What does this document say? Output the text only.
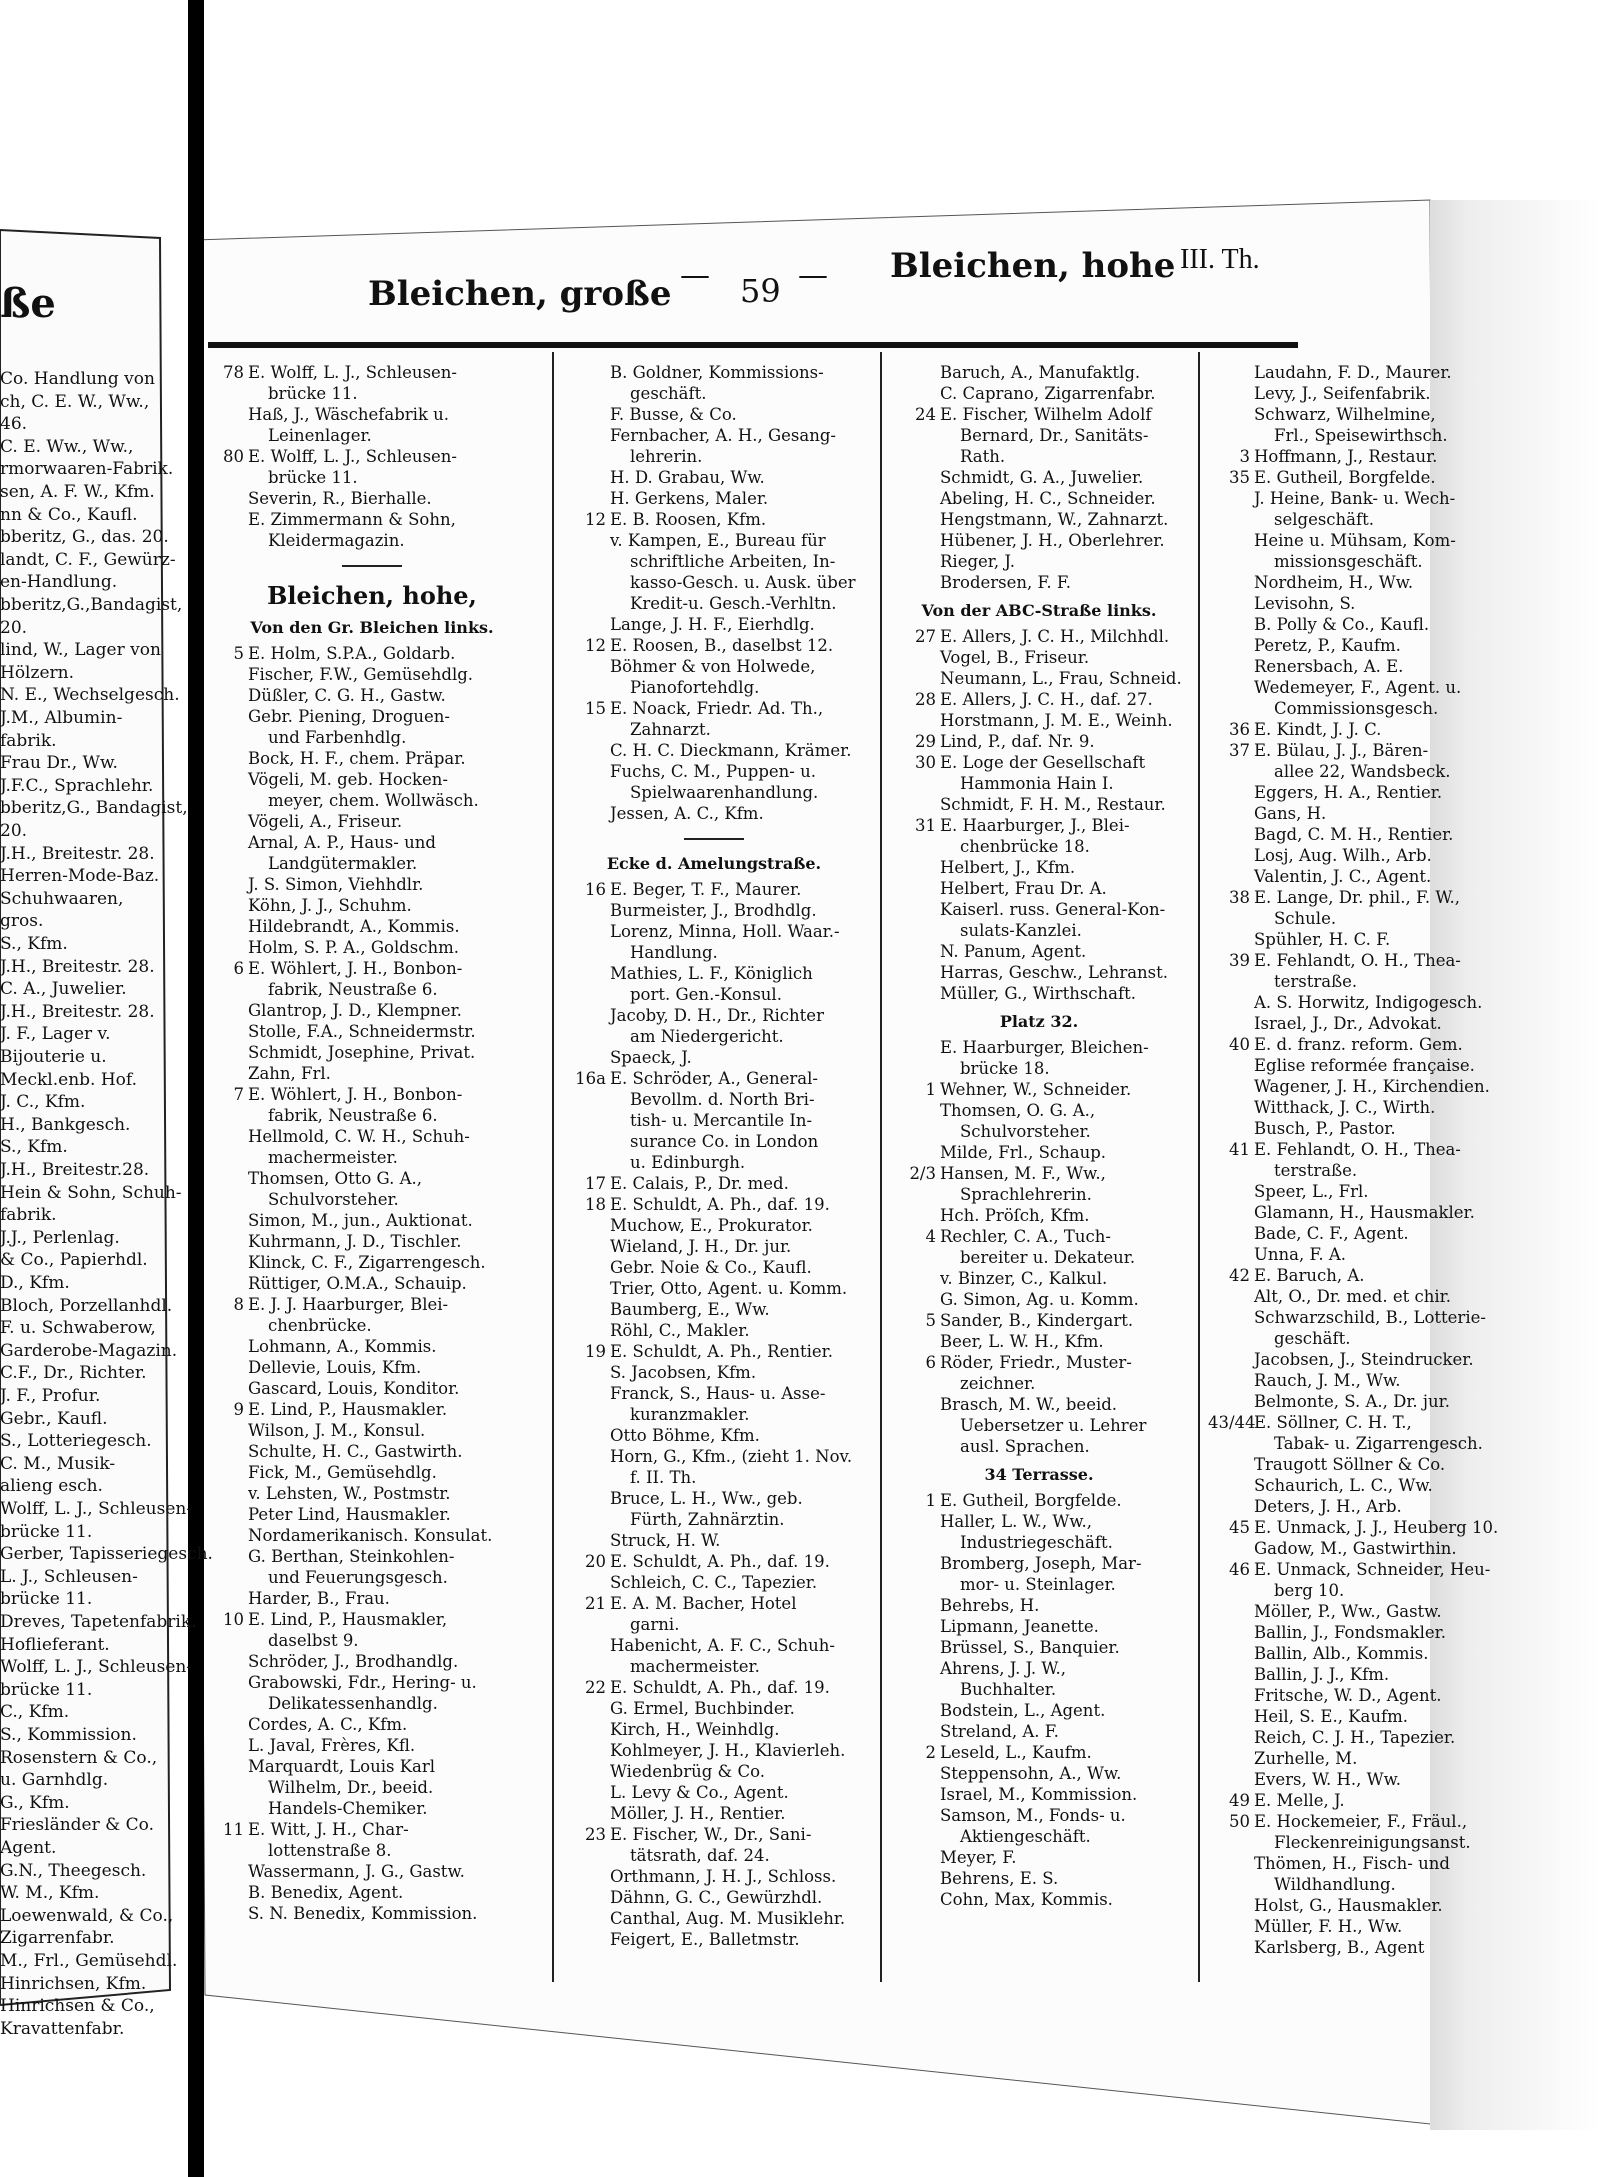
ße
Co. Handlung von
ch, C. E. W., Ww.,
46.
C. E. Ww., Ww.,
rmorwaaren-Fabrik.
sen, A. F. W., Kfm.
nn & Co., Kaufl.
bberitz, G., das. 20.
landt, C. F., Gewürz-
en-Handlung.
bberitz,G.,Bandagist,
20.
lind, W., Lager von
Hölzern.
N. E., Wechselgesch.
J.M., Albumin-
fabrik.
Frau Dr., Ww.
J.F.C., Sprachlehr.
bberitz,G., Bandagist,
20.
J.H., Breitestr. 28.
Herren-Mode-Baz.
Schuhwaaren,
gros.
S., Kfm.
J.H., Breitestr. 28.
C. A., Juwelier.
J.H., Breitestr. 28.
J. F., Lager v.
Bijouterie u.
Meckl.enb. Hof.
J. C., Kfm.
H., Bankgesch.
S., Kfm.
J.H., Breitestr.28.
Hein & Sohn, Schuh-
fabrik.
J.J., Perlenlag.
& Co., Papierhdl.
D., Kfm.
Bloch, Porzellanhdl.
F. u. Schwaberow,
Garderobe-Magazin.
C.F., Dr., Richter.
J. F., Profur.
Gebr., Kaufl.
S., Lotteriegesch.
C. M., Musik-
alieng esch.
Wolff, L. J., Schleusen-
brücke 11.
Gerber, Tapisseriegesch.
L. J., Schleusen-
brücke 11.
Dreves, Tapetenfabrik.
Hoflieferant.
Wolff, L. J., Schleusen-
brücke 11.
C., Kfm.
S., Kommission.
Rosenstern & Co.,
u. Garnhdlg.
G., Kfm.
Friesländer & Co.
Agent.
G.N., Theegesch.
W. M., Kfm.
Loewenwald, & Co.,
Zigarrenfabr.
M., Frl., Gemüsehdl.
Hinrichsen, Kfm.
Hinrichsen & Co.,
Kravattenfabr.
Bleichen, große — 59 — Bleichen, hohe III. Th.
78 E. Wolff, L. J., Schleusen-
brücke 11.
Haß, J., Wäschefabrik u.
Leinenlager.
80 E. Wolff, L. J., Schleusen-
brücke 11.
Severin, R., Bierhalle.
E. Zimmermann & Sohn,
Kleidermagazin.
Bleichen, hohe,
Von den Gr. Bleichen links.
5 E. Holm, S.P.A., Goldarb.
Fischer, F.W., Gemüsehdlg.
Düßler, C. G. H., Gastw.
Gebr. Piening, Droguen-
und Farbenhdlg.
Bock, H. F., chem. Präpar.
Vögeli, M. geb. Hocken-
meyer, chem. Wollwäsch.
Vögeli, A., Friseur.
Arnal, A. P., Haus- und
Landgütermakler.
J. S. Simon, Viehhdlr.
Köhn, J. J., Schuhm.
Hildebrandt, A., Kommis.
Holm, S. P. A., Goldschm.
6 E. Wöhlert, J. H., Bonbon-
fabrik, Neustraße 6.
Glantrop, J. D., Klempner.
Stolle, F.A., Schneidermstr.
Schmidt, Josephine, Privat.
Zahn, Frl.
7 E. Wöhlert, J. H., Bonbon-
fabrik, Neustraße 6.
Hellmold, C. W. H., Schuh-
machermeister.
Thomsen, Otto G. A.,
Schulvorsteher.
Simon, M., jun., Auktionat.
Kuhrmann, J. D., Tischler.
Klinck, C. F., Zigarrengesch.
Rüttiger, O.M.A., Schauip.
8 E. J. J. Haarburger, Blei-
chenbrücke.
Lohmann, A., Kommis.
Dellevie, Louis, Kfm.
Gascard, Louis, Konditor.
9 E. Lind, P., Hausmakler.
Wilson, J. M., Konsul.
Schulte, H. C., Gastwirth.
Fick, M., Gemüsehdlg.
v. Lehsten, W., Postmstr.
Peter Lind, Hausmakler.
Nordamerikanisch. Konsulat.
G. Berthan, Steinkohlen-
und Feuerungsgesch.
Harder, B., Frau.
10 E. Lind, P., Hausmakler,
daselbst 9.
Schröder, J., Brodhandlg.
Grabowski, Fdr., Hering- u.
Delikatessenhandlg.
Cordes, A. C., Kfm.
L. Javal, Frères, Kfl.
Marquardt, Louis Karl
Wilhelm, Dr., beeid.
Handels-Chemiker.
11 E. Witt, J. H., Char-
lottenstraße 8.
Wassermann, J. G., Gastw.
B. Benedix, Agent.
S. N. Benedix, Kommission.
B. Goldner, Kommissions-
geschäft.
F. Busse, & Co.
Fernbacher, A. H., Gesang-
lehrerin.
H. D. Grabau, Ww.
H. Gerkens, Maler.
12 E. B. Roosen, Kfm.
v. Kampen, E., Bureau für
schriftliche Arbeiten, In-
kasso-Gesch. u. Ausk. über
Kredit-u. Gesch.-Verhltn.
Lange, J. H. F., Eierhdlg.
12 E. Roosen, B., daselbst 12.
Böhmer & von Holwede,
Pianofortehdlg.
15 E. Noack, Friedr. Ad. Th.,
Zahnarzt.
C. H. C. Dieckmann, Krämer.
Fuchs, C. M., Puppen- u.
Spielwaarenhandlung.
Jessen, A. C., Kfm.
Ecke d. Amelungstraße.
16 E. Beger, T. F., Maurer.
Burmeister, J., Brodhdlg.
Lorenz, Minna, Holl. Waar.-
Handlung.
Mathies, L. F., Königlich
port. Gen.-Konsul.
Jacoby, D. H., Dr., Richter
am Niedergericht.
Spaeck, J.
16a E. Schröder, A., General-
Bevollm. d. North Bri-
tish- u. Mercantile In-
surance Co. in London
u. Edinburgh.
17 E. Calais, P., Dr. med.
18 E. Schuldt, A. Ph., daf. 19.
Muchow, E., Prokurator.
Wieland, J. H., Dr. jur.
Gebr. Noie & Co., Kaufl.
Trier, Otto, Agent. u. Komm.
Baumberg, E., Ww.
Röhl, C., Makler.
19 E. Schuldt, A. Ph., Rentier.
S. Jacobsen, Kfm.
Franck, S., Haus- u. Asse-
kuranzmakler.
Otto Böhme, Kfm.
Horn, G., Kfm., (zieht 1. Nov.
f. II. Th.
Bruce, L. H., Ww., geb.
Fürth, Zahnärztin.
Struck, H. W.
20 E. Schuldt, A. Ph., daf. 19.
Schleich, C. C., Tapezier.
21 E. A. M. Bacher, Hotel
garni.
Habenicht, A. F. C., Schuh-
machermeister.
22 E. Schuldt, A. Ph., daf. 19.
G. Ermel, Buchbinder.
Kirch, H., Weinhdlg.
Kohlmeyer, J. H., Klavierleh.
Wiedenbrüg & Co.
L. Levy & Co., Agent.
Möller, J. H., Rentier.
23 E. Fischer, W., Dr., Sani-
tätsrath, daf. 24.
Orthmann, J. H. J., Schloss.
Dähnn, G. C., Gewürzhdl.
Canthal, Aug. M. Musiklehr.
Feigert, E., Balletmstr.
Baruch, A., Manufaktlg.
C. Caprano, Zigarrenfabr.
24 E. Fischer, Wilhelm Adolf
Bernard, Dr., Sanitäts-
Rath.
Schmidt, G. A., Juwelier.
Abeling, H. C., Schneider.
Hengstmann, W., Zahnarzt.
Hübener, J. H., Oberlehrer.
Rieger, J.
Brodersen, F. F.
Von der ABC-Straße links.
27 E. Allers, J. C. H., Milchhdl.
Vogel, B., Friseur.
Neumann, L., Frau, Schneid.
28 E. Allers, J. C. H., daf. 27.
Horstmann, J. M. E., Weinh.
29 Lind, P., daf. Nr. 9.
30 E. Loge der Gesellschaft
Hammonia Hain I.
Schmidt, F. H. M., Restaur.
31 E. Haarburger, J., Blei-
chenbrücke 18.
Helbert, J., Kfm.
Helbert, Frau Dr. A.
Kaiserl. russ. General-Kon-
sulats-Kanzlei.
N. Panum, Agent.
Harras, Geschw., Lehranst.
Müller, G., Wirthschaft.
Platz 32.
E. Haarburger, Bleichen-
brücke 18.
1 Wehner, W., Schneider.
Thomsen, O. G. A.,
Schulvorsteher.
Milde, Frl., Schaup.
2/3 Hansen, M. F., Ww.,
Sprachlehrerin.
Hch. Pröſch, Kfm.
4 Rechler, C. A., Tuch-
bereiter u. Dekateur.
v. Binzer, C., Kalkul.
G. Simon, Ag. u. Komm.
5 Sander, B., Kindergart.
Beer, L. W. H., Kfm.
6 Röder, Friedr., Muster-
zeichner.
Brasch, M. W., beeid.
Uebersetzer u. Lehrer
ausl. Sprachen.
34 Terrasse.
1 E. Gutheil, Borgfelde.
Haller, L. W., Ww.,
Industriegeschäft.
Bromberg, Joseph, Mar-
mor- u. Steinlager.
Behrebs, H.
Lipmann, Jeanette.
Brüssel, S., Banquier.
Ahrens, J. J. W.,
Buchhalter.
Bodstein, L., Agent.
Streland, A. F.
2 Leseld, L., Kaufm.
Steppensohn, A., Ww.
Israel, M., Kommission.
Samson, M., Fonds- u.
Aktiengeschäft.
Meyer, F.
Behrens, E. S.
Cohn, Max, Kommis.
Laudahn, F. D., Maurer.
Levy, J., Seifenfabrik.
Schwarz, Wilhelmine,
Frl., Speisewirthsch.
3 Hoffmann, J., Restaur.
35 E. Gutheil, Borgfelde.
J. Heine, Bank- u. Wech-
selgeschäft.
Heine u. Mühsam, Kom-
missionsgeschäft.
Nordheim, H., Ww.
Levisohn, S.
B. Polly & Co., Kaufl.
Peretz, P., Kaufm.
Renersbach, A. E.
Wedemeyer, F., Agent. u.
Commissionsgesch.
36 E. Kindt, J. J. C.
37 E. Bülau, J. J., Bären-
allee 22, Wandsbeck.
Eggers, H. A., Rentier.
Gans, H.
Bagd, C. M. H., Rentier.
Losj, Aug. Wilh., Arb.
Valentin, J. C., Agent.
38 E. Lange, Dr. phil., F. W.,
Schule.
Spühler, H. C. F.
39 E. Fehlandt, O. H., Thea-
terstraße.
A. S. Horwitz, Indigogesch.
Israel, J., Dr., Advokat.
40 E. d. franz. reform. Gem.
Eglise reformée française.
Wagener, J. H., Kirchendien.
Witthack, J. C., Wirth.
Busch, P., Pastor.
41 E. Fehlandt, O. H., Thea-
terstraße.
Speer, L., Frl.
Glamann, H., Hausmakler.
Bade, C. F., Agent.
Unna, F. A.
42 E. Baruch, A.
Alt, O., Dr. med. et chir.
Schwarzschild, B., Lotterie-
geschäft.
Jacobsen, J., Steindrucker.
Rauch, J. M., Ww.
Belmonte, S. A., Dr. jur.
43/44
E. Söllner, C. H. T.,
Tabak- u. Zigarrengesch.
Traugott Söllner & Co.
Schaurich, L. C., Ww.
Deters, J. H., Arb.
45 E. Unmack, J. J., Heuberg 10.
Gadow, M., Gastwirthin.
46 E. Unmack, Schneider, Heu-
berg 10.
Möller, P., Ww., Gastw.
Ballin, J., Fondsmakler.
Ballin, Alb., Kommis.
Ballin, J. J., Kfm.
Fritsche, W. D., Agent.
Heil, S. E., Kaufm.
Reich, C. J. H., Tapezier.
Zurhelle, M.
Evers, W. H., Ww.
49 E. Melle, J.
50 E. Hockemeier, F., Fräul.,
Fleckenreinigungsanst.
Thömen, H., Fisch- und
Wildhandlung.
Holst, G., Hausmakler.
Müller, F. H., Ww.
Karlsberg, B., Agent
